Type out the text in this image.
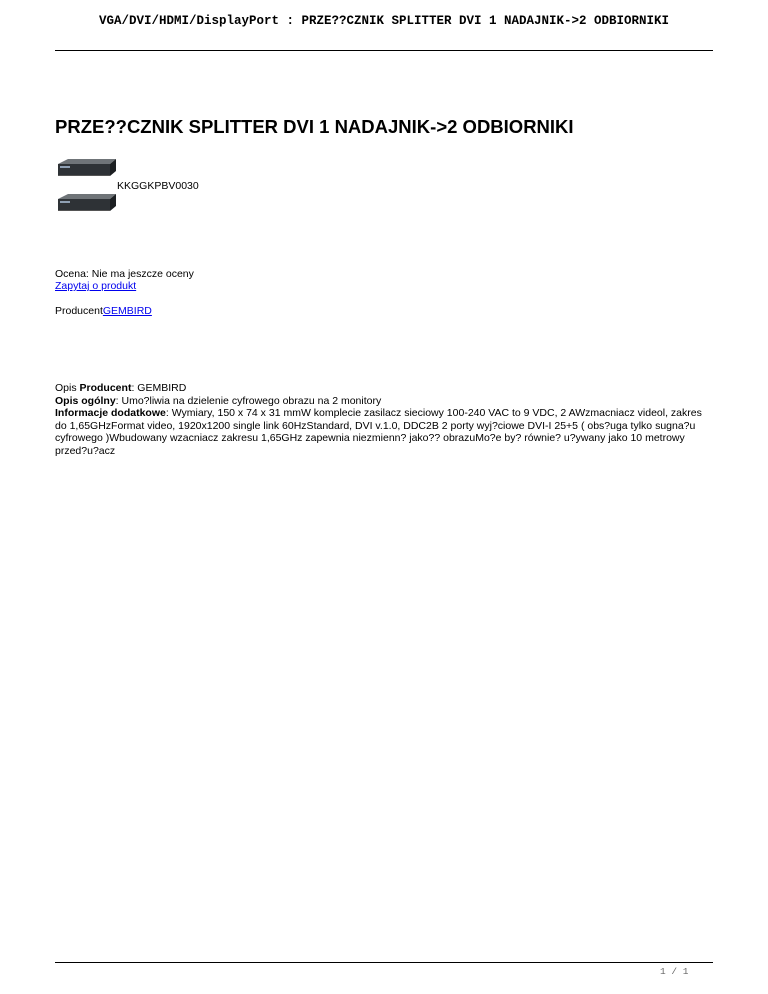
VGA/DVI/HDMI/DisplayPort : PRZE??CZNIK SPLITTER DVI 1 NADAJNIK->2 ODBIORNIKI
PRZE??CZNIK SPLITTER DVI 1 NADAJNIK->2 ODBIORNIKI
KKGGKPBV0030
Ocena: Nie ma jeszcze oceny
Zapytaj o produkt
ProducentGEMBIRD

Opis Producent: GEMBIRD

Opis ogólny: Umo?liwia na dzielenie cyfrowego obrazu na 2 monitory

Informacje dodatkowe: Wymiary, 150 x 74 x 31 mmW komplecie zasilacz sieciowy 100-240 VAC to 9 VDC, 2 AWzmacniacz videol, zakres do 1,65GHzFormat video, 1920x1200 single link 60HzStandard, DVI v.1.0, DDC2B 2 porty wyj?ciowe DVI-I 25+5 ( obs?uga tylko sugna?u cyfrowego )Wbudowany wzacniacz zakresu 1,65GHz zapewnia niezmienn? jako?? obrazuMo?e by? równie? u?ywany jako 10 metrowy przed?u?acz

1 / 1
